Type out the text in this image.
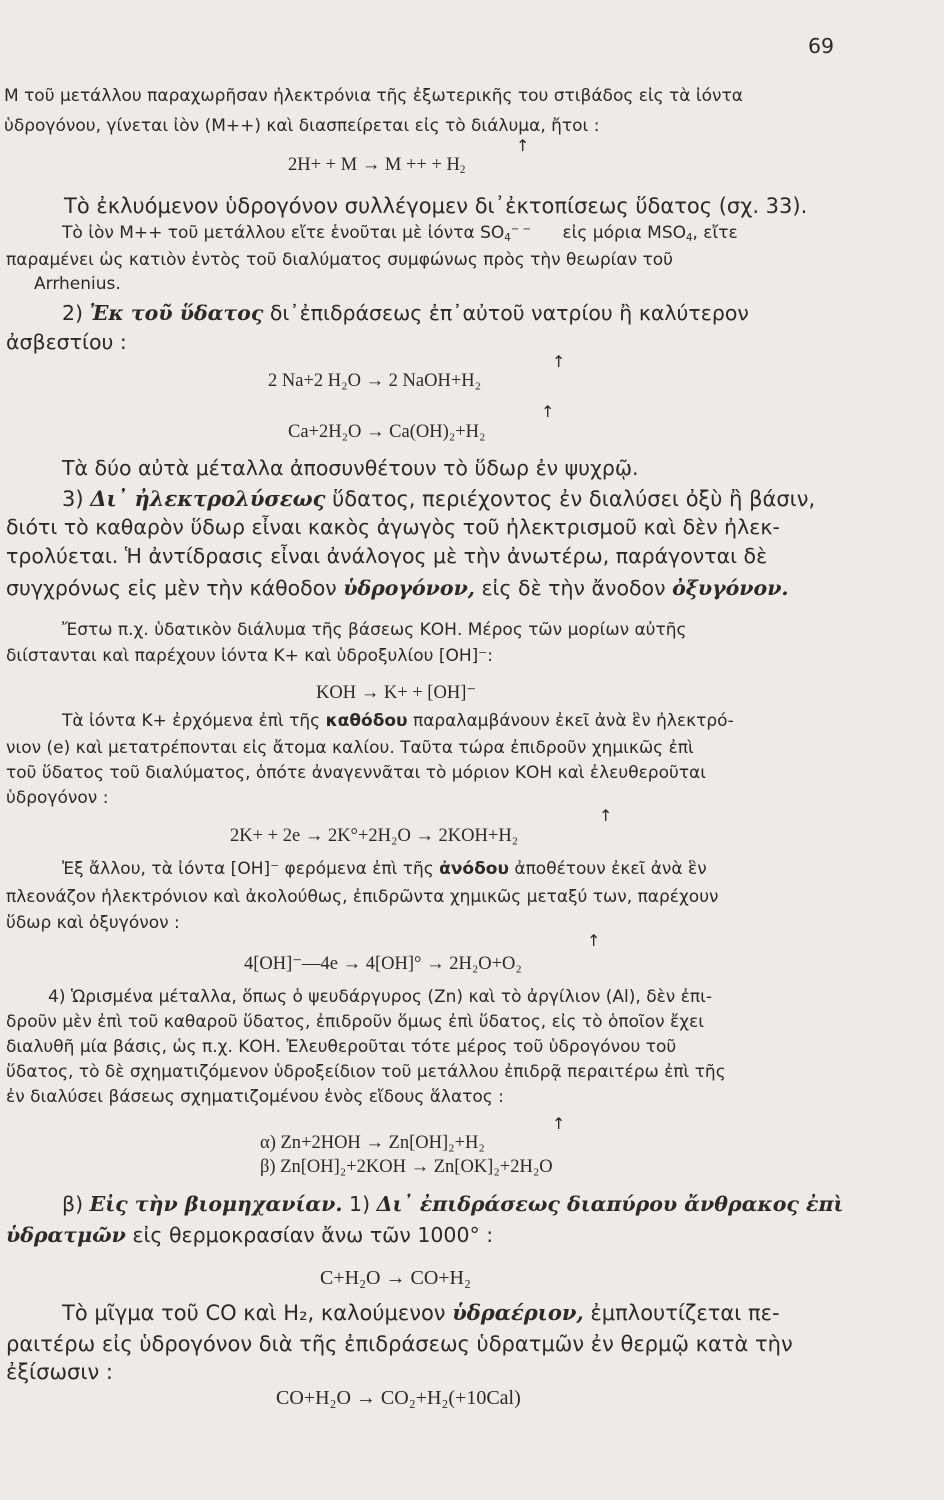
69
Μ τοῦ μετάλλου παραχωρῆσαν ἠλεκτρόνια τῆς ἐξωτερικῆς του στιβάδος εἰς τὰ ἰόντα
ὑδρογόνου, γίνεται ἰὸν (Μ++) καὶ διασπείρεται εἰς τὸ διάλυμα, ἤτοι :
↑
2H+ + M → M ++ + $H_2$
Τὸ ἐκλυόμενον ὑδρογόνον συλλέγομεν δι᾽ἐκτοπίσεως ὕδατος (σχ. 33).
Τὸ ἰὸν Μ++ τοῦ μετάλλου εἴτε ἑνοῦται μὲ ἰόντα $SO_4^{- -}$ εἰς μόρια $MSO_4$, εἴτε
παραμένει ὡς κατιὸν ἐντὸς τοῦ διαλύματος συμφώνως πρὸς τὴν θεωρίαν τοῦ
Arrhenius.
2) Ἐκ τοῦ ὕδατος δι᾽ἐπιδράσεως ἐπ᾽αὐτοῦ νατρίου ἢ καλύτερον
ἀσβεστίου :
↑
2 Na+2 H₂O → 2 NaOH+H₂
↑
Ca+2H₂O → Ca(OH)₂+H₂
Τὰ δύο αὐτὰ μέταλλα ἀποσυνθέτουν τὸ ὕδωρ ἐν ψυχρῷ.
3) Δι᾽ ἠλεκτρολύσεως ὕδατος, περιέχοντος ἐν διαλύσει ὀξὺ ἢ βάσιν,
διότι τὸ καθαρὸν ὕδωρ εἶναι κακὸς ἀγωγὸς τοῦ ἠλεκτρισμοῦ καὶ δὲν ἠλεκ-
τρολύεται. Ἡ ἀντίδρασις εἶναι ἀνάλογος μὲ τὴν ἀνωτέρω, παράγονται δὲ
συγχρόνως εἰς μὲν τὴν κάθοδον ὑδρογόνον, εἰς δὲ τὴν ἄνοδον ὀξυγόνον.
Ἔστω π.χ. ὑδατικὸν διάλυμα τῆς βάσεως ΚΟΗ. Μέρος τῶν μορίων αὐτῆς
διίστανται καὶ παρέχουν ἰόντα Κ+ καὶ ὑδροξυλίου [ΟΗ]⁻:
KOH → K+ + [OH]⁻
Τὰ ἰόντα Κ+ ἐρχόμενα ἐπὶ τῆς καθόδου παραλαμβάνουν ἐκεῖ ἀνὰ ἓν ἠλεκτρό-
νιον (e) καὶ μετατρέπονται εἰς ἄτομα καλίου. Ταῦτα τώρα ἐπιδροῦν χημικῶς ἐπὶ
τοῦ ὕδατος τοῦ διαλύματος, ὁπότε ἀναγεννᾶται τὸ μόριον ΚΟΗ καὶ ἐλευθεροῦται
ὑδρογόνον :
↑
2K+ + 2e → 2K°+2H₂O → 2KOH+H₂
Ἐξ ἄλλου, τὰ ἰόντα [ΟΗ]⁻ φερόμενα ἐπὶ τῆς ἀνόδου ἀποθέτουν ἐκεῖ ἀνὰ ἓν
πλεονάζον ἠλεκτρόνιον καὶ ἀκολούθως, ἐπιδρῶντα χημικῶς μεταξύ των, παρέχουν
ὕδωρ καὶ ὀξυγόνον :
↑
4[OH]⁻—4e → 4[OH]° → 2H₂O+O₂
4) Ὡρισμένα μέταλλα, ὅπως ὁ ψευδάργυρος (Zn) καὶ τὸ ἀργίλιον (Al), δὲν ἐπι-
δροῦν μὲν ἐπὶ τοῦ καθαροῦ ὕδατος, ἐπιδροῦν ὅμως ἐπὶ ὕδατος, εἰς τὸ ὁποῖον ἔχει
διαλυθῆ μία βάσις, ὡς π.χ. ΚΟΗ. Ἐλευθεροῦται τότε μέρος τοῦ ὑδρογόνου τοῦ
ὕδατος, τὸ δὲ σχηματιζόμενον ὑδροξείδιον τοῦ μετάλλου ἐπιδρᾷ περαιτέρω ἐπὶ τῆς
ἐν διαλύσει βάσεως σχηματιζομένου ἑνὸς εἴδους ἅλατος :
↑
α) Zn+2HOH → Zn[OH]₂+H₂
β) Zn[OH]₂+2KOH → Zn[OK]₂+2H₂O
β) Εἰς τὴν βιομηχανίαν. 1) Δι᾽ ἐπιδράσεως διαπύρου ἄνθρακος ἐπὶ
ὑδρατμῶν εἰς θερμοκρασίαν ἄνω τῶν 1000° :
C+H₂O → CO+H₂
Τὸ μῖγμα τοῦ CO καὶ H₂, καλούμενον ὑδραέριον, ἐμπλουτίζεται πε-
ραιτέρω εἰς ὑδρογόνον διὰ τῆς ἐπιδράσεως ὑδρατμῶν ἐν θερμῷ κατὰ τὴν
ἐξίσωσιν :
CO+H₂O → CO₂+H₂(+10Cal)
